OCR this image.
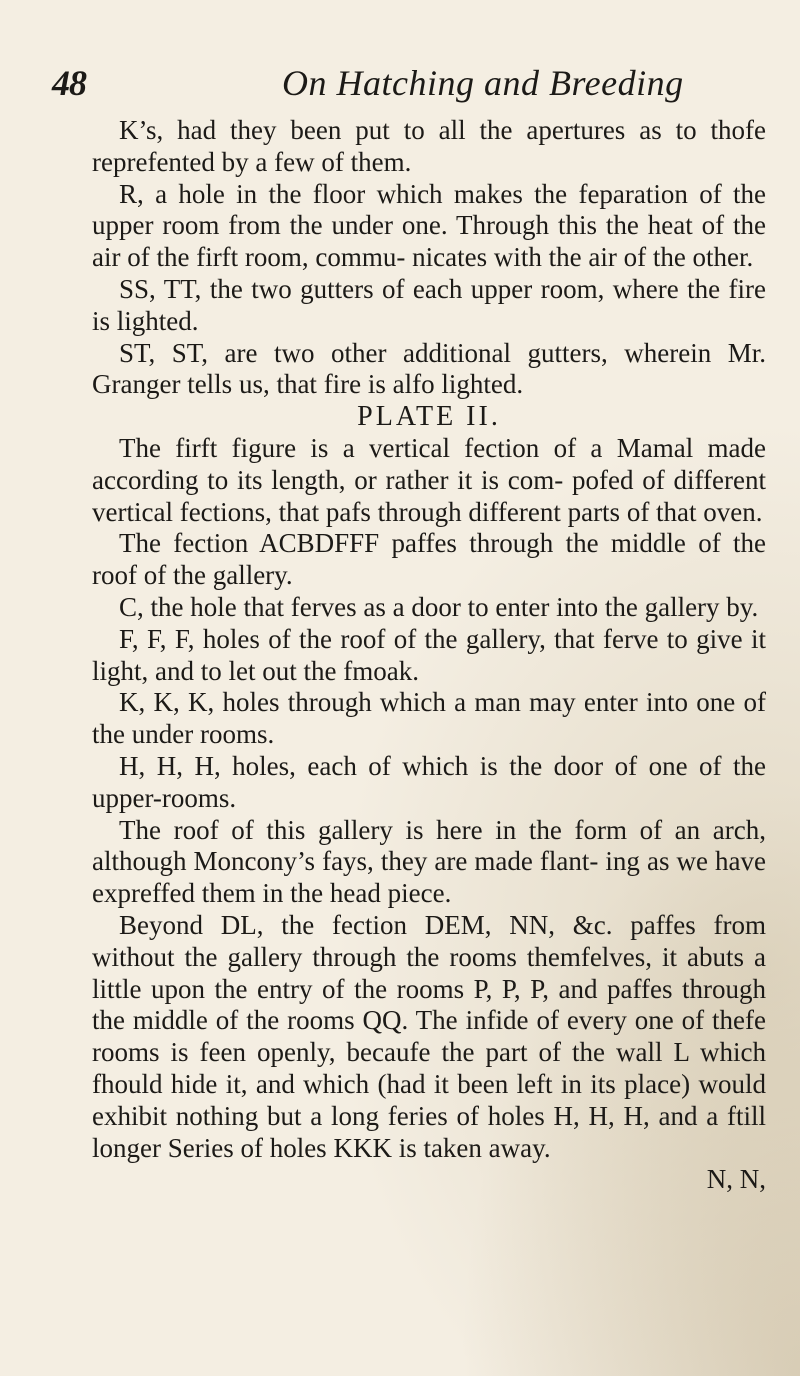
48	On Hatching and Breeding

K’s, had they been put to all the apertures as to thofe reprefented by a few of them.

R, a hole in the floor which makes the feparation of the upper room from the under one. Through this the heat of the air of the firft room, commu- nicates with the air of the other.

SS, TT, the two gutters of each upper room, where the fire is lighted.

ST, ST, are two other additional gutters, wherein Mr. Granger tells us, that fire is alfo lighted.

PLATE II.

The firft figure is a vertical fection of a Mamal made according to its length, or rather it is com- pofed of different vertical fections, that pafs through different parts of that oven.

The fection ACBDFFF paffes through the middle of the roof of the gallery.

C, the hole that ferves as a door to enter into the gallery by.

F, F, F, holes of the roof of the gallery, that ferve to give it light, and to let out the fmoak.

K, K, K, holes through which a man may enter into one of the under rooms.

H, H, H, holes, each of which is the door of one of the upper-rooms.

The roof of this gallery is here in the form of an arch, although Moncony’s fays, they are made flant- ing as we have expreffed them in the head piece.

Beyond DL, the fection DEM, NN, &c. paffes from without the gallery through the rooms themfelves, it abuts a little upon the entry of the rooms P, P, P, and paffes through the middle of the rooms QQ. The infide of every one of thefe rooms is feen openly, becaufe the part of the wall L which fhould hide it, and which (had it been left in its place) would exhibit nothing but a long feries of holes H, H, H, and a ftill longer Series of holes KKK is taken away.

N, N,
